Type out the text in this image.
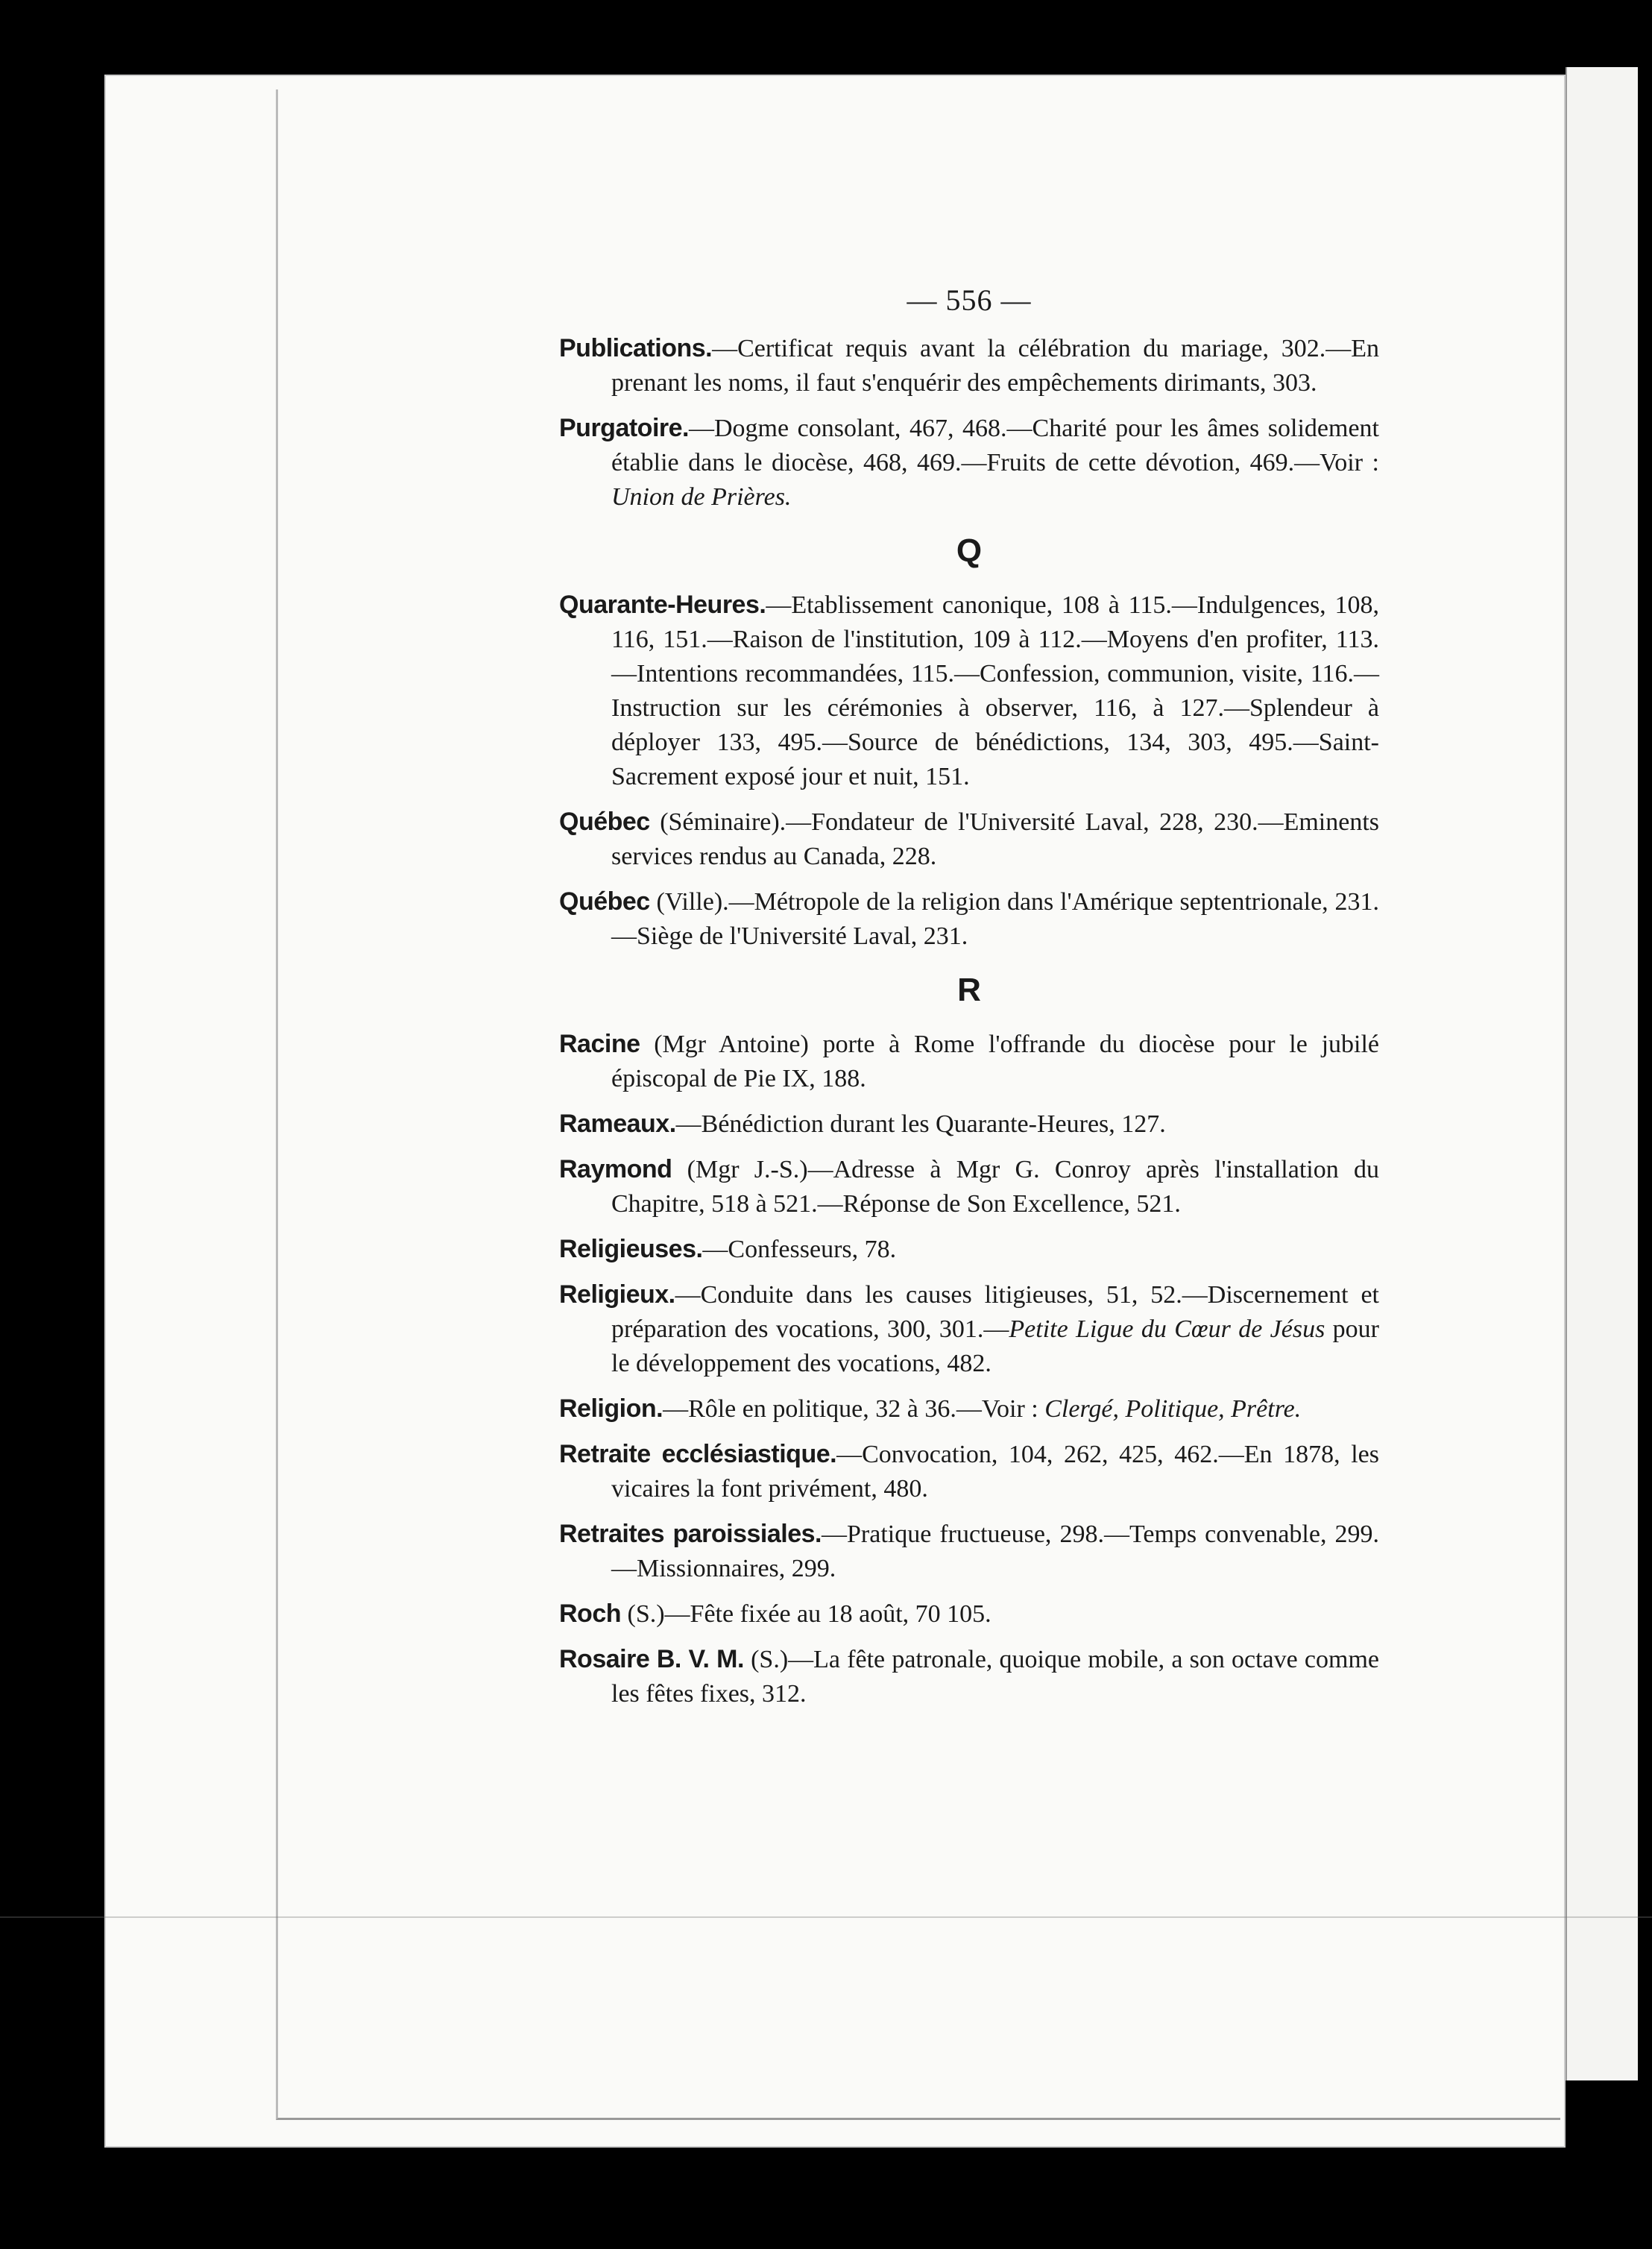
— 556 —

Publications.—Certificat requis avant la célébration du mariage, 302.—En prenant les noms, il faut s'enquérir des empêchements dirimants, 303.

Purgatoire.—Dogme consolant, 467, 468.—Charité pour les âmes solidement établie dans le diocèse, 468, 469.—Fruits de cette dévotion, 469.—Voir : Union de Prières.

Q

Quarante-Heures.—Etablissement canonique, 108 à 115.—Indulgences, 108, 116, 151.—Raison de l'institution, 109 à 112.—Moyens d'en profiter, 113.—Intentions recommandées, 115.—Confession, communion, visite, 116.—Instruction sur les cérémonies à observer, 116, à 127.—Splendeur à déployer 133, 495.—Source de bénédictions, 134, 303, 495.—Saint-Sacrement exposé jour et nuit, 151.

Québec (Séminaire).—Fondateur de l'Université Laval, 228, 230.—Eminents services rendus au Canada, 228.

Québec (Ville).—Métropole de la religion dans l'Amérique septentrionale, 231.—Siège de l'Université Laval, 231.

R

Racine (Mgr Antoine) porte à Rome l'offrande du diocèse pour le jubilé épiscopal de Pie IX, 188.

Rameaux.—Bénédiction durant les Quarante-Heures, 127.

Raymond (Mgr J.-S.)—Adresse à Mgr G. Conroy après l'installation du Chapitre, 518 à 521.—Réponse de Son Excellence, 521.

Religieuses.—Confesseurs, 78.

Religieux.—Conduite dans les causes litigieuses, 51, 52.—Discernement et préparation des vocations, 300, 301.—Petite Ligue du Cœur de Jésus pour le développement des vocations, 482.

Religion.—Rôle en politique, 32 à 36.—Voir : Clergé, Politique, Prêtre.

Retraite ecclésiastique.—Convocation, 104, 262, 425, 462.—En 1878, les vicaires la font privément, 480.

Retraites paroissiales.—Pratique fructueuse, 298.—Temps convenable, 299.—Missionnaires, 299.

Roch (S.)—Fête fixée au 18 août, 70 105.

Rosaire B. V. M. (S.)—La fête patronale, quoique mobile, a son octave comme les fêtes fixes, 312.
